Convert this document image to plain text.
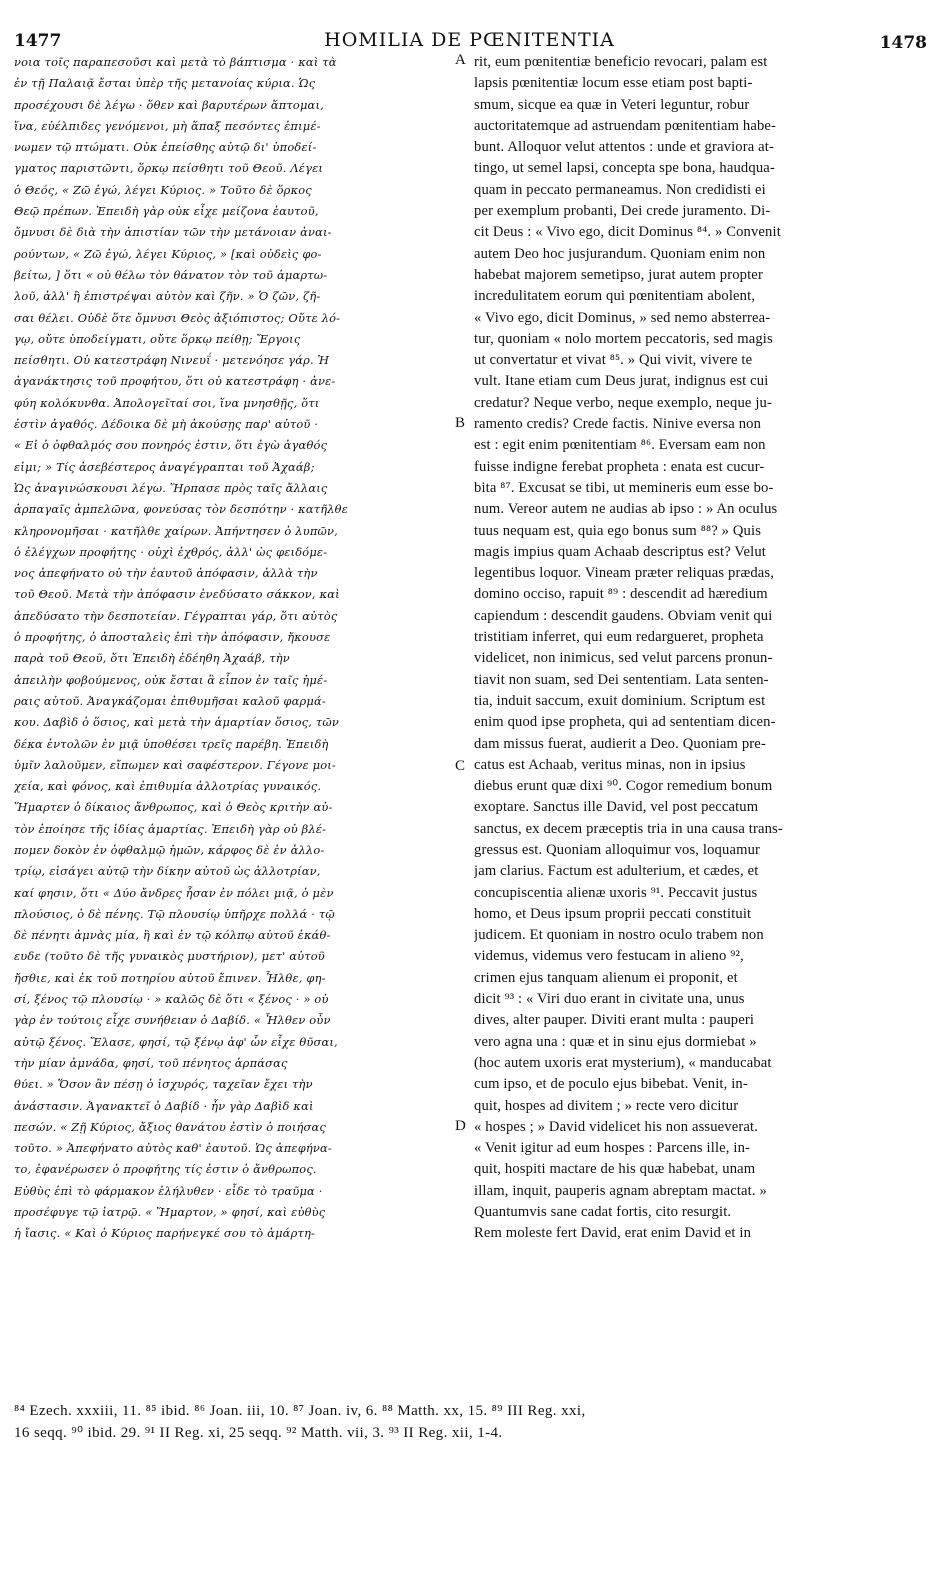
1477	HOMILIA DE PŒNITENTIA	1478
νοια τοῖς παραπεσοῦσι καὶ μετὰ τὸ βάπτισμα · καὶ τὰ
ἐν τῇ Παλαιᾷ ἔσται ὑπὲρ τῆς μετανοίας κύρια. Ὡς
προσέχουσι δὲ λέγω · ὅθεν καὶ βαρυτέρων ἅπτομαι,
ἵνα, εὐέλπιδες γενόμενοι, μὴ ἅπαξ πεσόντες ἐπιμέ-
νωμεν τῷ πτώματι. Οὐκ ἐπείσθης αὐτῷ δι' ὑποδεί-
γματος παριστῶντι, ὅρκῳ πείσθητι τοῦ Θεοῦ. Λέγει
ὁ Θεός, « Ζῶ ἐγώ, λέγει Κύριος. » Τοῦτο δὲ ὅρκος
Θεῷ πρέπων. Ἐπειδὴ γὰρ οὐκ εἶχε μείζονα ἑαυτοῦ,
ὄμνυσι δὲ διὰ τὴν ἀπιστίαν τῶν τὴν μετάνοιαν ἀναι-
ρούντων, « Ζῶ ἐγώ, λέγει Κύριος, » [καὶ οὐδεὶς φο-
βείτω, ] ὅτι « οὐ θέλω τὸν θάνατον τὸν τοῦ ἁμαρτω-
λοῦ, ἀλλ' ἢ ἐπιστρέψαι αὐτὸν καὶ ζῆν. » Ὁ ζῶν, ζῆ-
σαι θέλει. Οὐδὲ ὅτε ὄμνυσι Θεὸς ἀξιόπιστος; Οὔτε λό-
γῳ, οὔτε ὑποδείγματι, οὔτε ὅρκῳ πείθῃ; Ἔργοις
πείσθητι. Οὐ κατεστράφη Νινευΐ · μετενόησε γάρ. Ἡ
ἀγανάκτησις τοῦ προφήτου, ὅτι οὐ κατεστράφη · ἀνε-
φύη κολόκυνθα. Ἀπολογεῖταί σοι, ἵνα μνησθῇς, ὅτι
ἐστὶν ἀγαθός. Δέδοικα δὲ μὴ ἀκούσῃς παρ' αὐτοῦ ·
« Εἰ ὁ ὀφθαλμός σου πονηρός ἐστιν, ὅτι ἐγὼ ἀγαθός
εἰμι; » Τίς ἀσεβέστερος ἀναγέγραπται τοῦ Ἀχαάβ;
Ὡς ἀναγινώσκουσι λέγω. Ἥρπασε πρὸς ταῖς ἄλλαις
ἁρπαγαῖς ἀμπελῶνα, φονεύσας τὸν δεσπότην · κατῆλθε
κληρονομῆσαι · κατῆλθε χαίρων. Ἀπήντησεν ὁ λυπῶν,
ὁ ἐλέγχων προφήτης · οὐχὶ ἐχθρός, ἀλλ' ὡς φειδόμε-
νος ἀπεφήνατο οὐ τὴν ἑαυτοῦ ἀπόφασιν, ἀλλὰ τὴν
τοῦ Θεοῦ. Μετὰ τὴν ἀπόφασιν ἐνεδύσατο σάκκον, καὶ
ἀπεδύσατο τὴν δεσποτείαν. Γέγραπται γάρ, ὅτι αὐτὸς
ὁ προφήτης, ὁ ἀποσταλεὶς ἐπὶ τὴν ἀπόφασιν, ἤκουσε
παρὰ τοῦ Θεοῦ, ὅτι Ἐπειδὴ ἐδέηθη Ἀχαάβ, τὴν
ἀπειλὴν φοβούμενος, οὐκ ἔσται ἃ εἶπον ἐν ταῖς ἡμέ-
ραις αὐτοῦ. Ἀναγκάζομαι ἐπιθυμῆσαι καλοῦ φαρμά-
κου. Δαβὶδ ὁ ὅσιος, καὶ μετὰ τὴν ἁμαρτίαν ὅσιος, τῶν
δέκα ἐντολῶν ἐν μιᾷ ὑποθέσει τρεῖς παρέβη. Ἐπειδὴ
ὑμῖν λαλοῦμεν, εἴπωμεν καὶ σαφέστερον. Γέγονε μοι-
χεία, καὶ φόνος, καὶ ἐπιθυμία ἀλλοτρίας γυναικός.
Ἥμαρτεν ὁ δίκαιος ἄνθρωπος, καὶ ὁ Θεὸς κριτὴν αὐ-
τὸν ἐποίησε τῆς ἰδίας ἁμαρτίας. Ἐπειδὴ γὰρ οὐ βλέ-
πομεν δοκὸν ἐν ὀφθαλμῷ ἡμῶν, κάρφος δὲ ἐν ἀλλο-
τρίῳ, εἰσάγει αὐτῷ τὴν δίκην αὐτοῦ ὡς ἀλλοτρίαν,
καί φησιν, ὅτι « Δύο ἄνδρες ἦσαν ἐν πόλει μιᾷ, ὁ μὲν
πλούσιος, ὁ δὲ πένης. Τῷ πλουσίῳ ὑπῆρχε πολλά · τῷ
δὲ πένητι ἀμνὰς μία, ἣ καὶ ἐν τῷ κόλπῳ αὐτοῦ ἐκάθ-
ευδε (τοῦτο δὲ τῆς γυναικὸς μυστήριον), μετ' αὐτοῦ
ἤσθιε, καὶ ἐκ τοῦ ποτηρίου αὐτοῦ ἔπινεν. Ἦλθε, φη-
σί, ξένος τῷ πλουσίῳ · » καλῶς δὲ ὅτι « ξένος · » οὐ
γὰρ ἐν τούτοις εἶχε συνήθειαν ὁ Δαβίδ. « Ἦλθεν οὖν
αὐτῷ ξένος. Ἔλασε, φησί, τῷ ξένῳ ἀφ' ὧν εἶχε θῦσαι,
τὴν μίαν ἀμνάδα, φησί, τοῦ πένητος ἁρπάσας
θύει. » Ὅσον ἂν πέσῃ ὁ ἰσχυρός, ταχεῖαν ἔχει τὴν
ἀνάστασιν. Ἀγανακτεῖ ὁ Δαβίδ · ἦν γὰρ Δαβὶδ καὶ
πεσών. « Ζῇ Κύριος, ἄξιος θανάτου ἐστὶν ὁ ποιήσας
τοῦτο. » Ἀπεφήνατο αὐτὸς καθ' ἑαυτοῦ. Ὡς ἀπεφήνα-
το, ἐφανέρωσεν ὁ προφήτης τίς ἐστιν ὁ ἄνθρωπος.
Εὐθὺς ἐπὶ τὸ φάρμακον ἐλήλυθεν · εἶδε τὸ τραῦμα ·
προσέφυγε τῷ ἰατρῷ. « Ἥμαρτον, » φησί, καὶ εὐθὺς
ἡ ἴασις. « Καὶ ὁ Κύριος παρήνεγκέ σου τὸ ἁμάρτη-
rit, eum pœnitentiæ beneficio revocari, palam est
lapsis pœnitentiæ locum esse etiam post bapti-
smum, sicque ea quæ in Veteri leguntur, robur
auctoritatemque ad astruendam pœnitentiam habe-
bunt. Alloquor velut attentos : unde et graviora at-
tingo, ut semel lapsi, concepta spe bona, haudqua-
quam in peccato permaneamus. Non credidisti ei
per exemplum probanti, Dei crede juramento. Di-
cit Deus : « Vivo ego, dicit Dominus ⁸⁴. » Convenit
autem Deo hoc jusjurandum. Quoniam enim non
habebat majorem semetipso, jurat autem propter
incredulitatem eorum qui pœnitentiam abolent,
« Vivo ego, dicit Dominus, » sed nemo absterrea-
tur, quoniam « nolo mortem peccatoris, sed magis
ut convertatur et vivat ⁸⁵. » Qui vivit, vivere te
vult. Itane etiam cum Deus jurat, indignus est cui
credatur? Neque verbo, neque exemplo, neque ju-
ramento credis? Crede factis. Ninive eversa non
est : egit enim pœnitentiam ⁸⁶. Eversam eam non
fuisse indigne ferebat propheta : enata est cucur-
bita ⁸⁷. Excusat se tibi, ut memineris eum esse bo-
num. Vereor autem ne audias ab ipso : » An oculus
tuus nequam est, quia ego bonus sum ⁸⁸? » Quis
magis impius quam Achaab descriptus est? Velut
legentibus loquor. Vineam præter reliquas prædas,
domino occiso, rapuit ⁸⁹ : descendit ad hæredium
capiendum : descendit gaudens. Obviam venit qui
tristitiam inferret, qui eum redargueret, propheta
videlicet, non inimicus, sed velut parcens pronun-
tiavit non suam, sed Dei sententiam. Lata senten-
tia, induit saccum, exuit dominium. Scriptum est
enim quod ipse propheta, qui ad sententiam dicen-
dam missus fuerat, audierit a Deo. Quoniam pre-
catus est Achaab, veritus minas, non in ipsius
diebus erunt quæ dixi ⁹⁰. Cogor remedium bonum
exoptare. Sanctus ille David, vel post peccatum
sanctus, ex decem præceptis tria in una causa trans-
gressus est. Quoniam alloquimur vos, loquamur
jam clarius. Factum est adulterium, et cædes, et
concupiscentia alienæ uxoris ⁹¹. Peccavit justus
homo, et Deus ipsum proprii peccati constituit
judicem. Et quoniam in nostro oculo trabem non
videmus, videmus vero festucam in alieno ⁹²,
crimen ejus tanquam alienum ei proponit, et
dicit ⁹³ : « Viri duo erant in civitate una, unus
dives, alter pauper. Diviti erant multa : pauperi
vero agna una : quæ et in sinu ejus dormiebat »
(hoc autem uxoris erat mysterium), « manducabat
cum ipso, et de poculo ejus bibebat. Venit, in-
quit, hospes ad divitem ; » recte vero dicitur
« hospes ; » David videlicet his non assueverat.
« Venit igitur ad eum hospes : Parcens ille, in-
quit, hospiti mactare de his quæ habebat, unam
illam, inquit, pauperis agnam abreptam mactat. »
Quantumvis sane cadat fortis, cito resurgit.
Rem moleste fert David, erat enim David et in
A
B
C
D
⁸⁴ Ezech. xxxiii, 11. ⁸⁵ ibid. ⁸⁶ Joan. iii, 10. ⁸⁷ Joan. iv, 6. ⁸⁸ Matth. xx, 15. ⁸⁹ III Reg. xxi,
16 seqq. ⁹⁰ ibid. 29. ⁹¹ II Reg. xi, 25 seqq. ⁹² Matth. vii, 3. ⁹³ II Reg. xii, 1-4.
